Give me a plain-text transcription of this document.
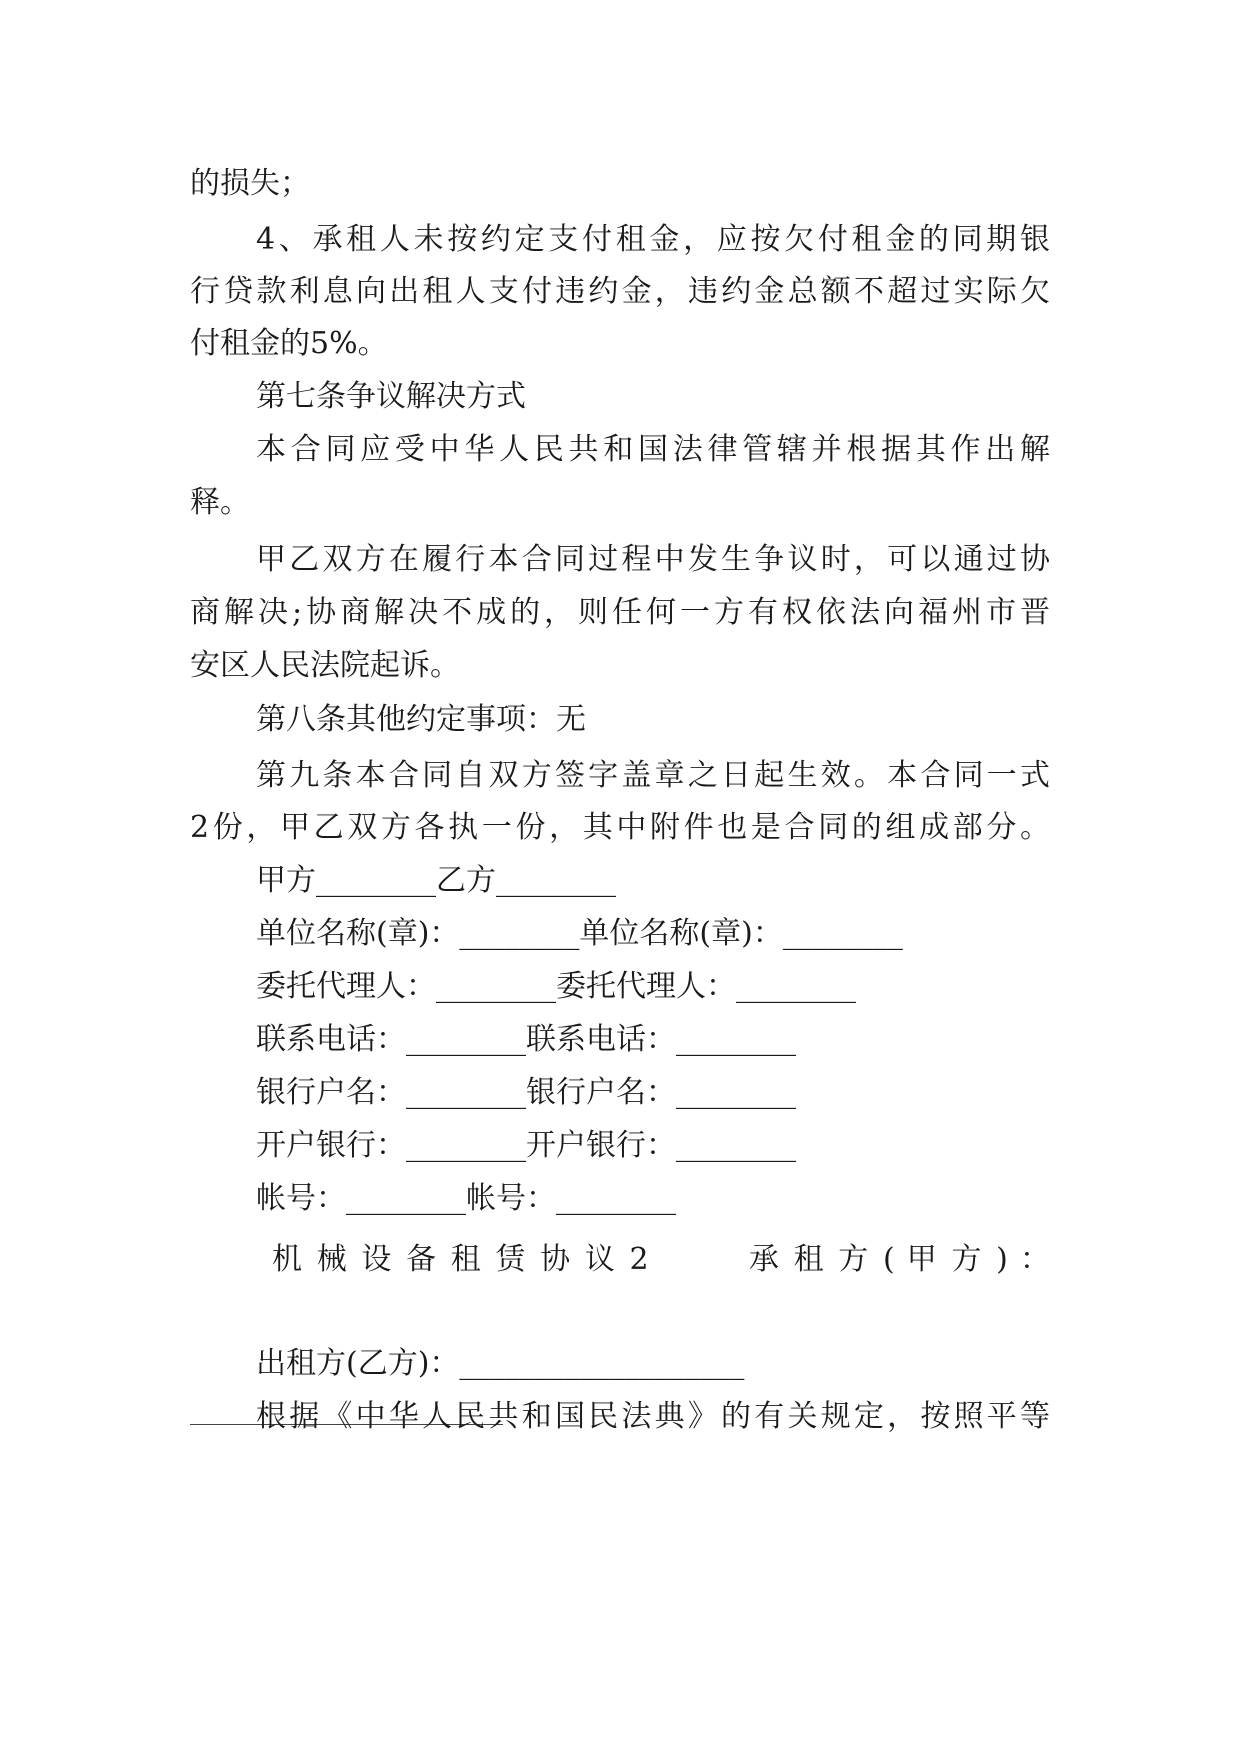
的损失；
4、承租人未按约定支付租金，应按欠付租金的同期银
行贷款利息向出租人支付违约金，违约金总额不超过实际欠
付租金的5%。
第七条争议解决方式
本合同应受中华人民共和国法律管辖并根据其作出解
释。
甲乙双方在履行本合同过程中发生争议时，可以通过协
商解决;协商解决不成的，则任何一方有权依法向福州市晋
安区人民法院起诉。
第八条其他约定事项：无
第九条本合同自双方签字盖章之日起生效。本合同一式
2份，甲乙双方各执一份，其中附件也是合同的组成部分。
甲方________乙方________
单位名称(章)：________单位名称(章)：________
委托代理人：________委托代理人：________
联系电话：________联系电话：________
银行户名：________银行户名：________
开户银行：________开户银行：________
帐号：________帐号：________
机 械 设 备 租 赁 协 议 2　　　承 租 方 ( 甲 方 ) ：
出租方(乙方)：___________________
根据《中华人民共和国民法典》的有关规定，按照平等
